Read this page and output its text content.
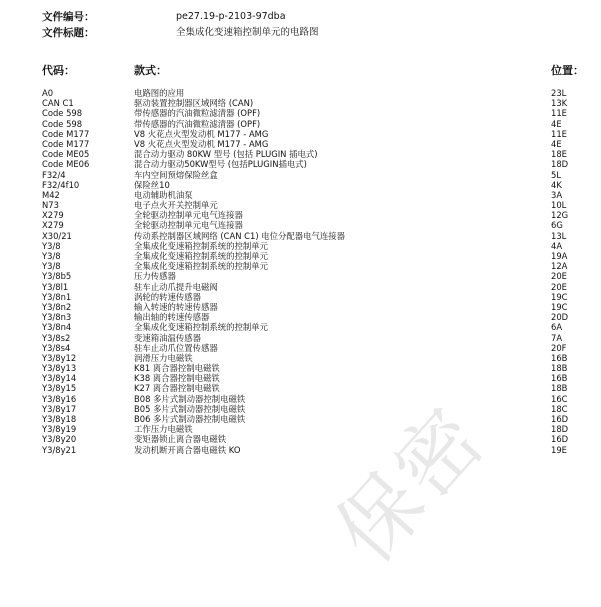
文件编号：	pe27.19-p-2103-97dba
文件标题：	全集成化变速箱控制单元的电路图
代码：	款式：	位置：
A0	电路图的应用	23L
CAN C1	驱动装置控制器区域网络 (CAN)	13K
Code 598	带传感器的汽油微粒滤清器 (OPF)	11E
Code 598	带传感器的汽油微粒滤清器 (OPF)	4E
Code M177	V8 火花点火型发动机 M177 - AMG	11E
Code M177	V8 火花点火型发动机 M177 - AMG	4E
Code ME05	混合动力驱动 80KW 型号 (包括 PLUGIN 插电式)	18E
Code ME06	混合动力驱动50KW型号 (包括PLUGIN插电式)	18D
F32/4	车内空间预熔保险丝盒	5L
F32/4f10	保险丝10	4K
M42	电动辅助机油泵	3A
N73	电子点火开关控制单元	10L
X279	全轮驱动控制单元电气连接器	12G
X279	全轮驱动控制单元电气连接器	6G
X30/21	传动系控制器区域网络 (CAN C1) 电位分配器电气连接器	13L
Y3/8	全集成化变速箱控制系统的控制单元	4A
Y3/8	全集成化变速箱控制系统的控制单元	19A
Y3/8	全集成化变速箱控制系统的控制单元	12A
Y3/8b5	压力传感器	20E
Y3/8l1	驻车止动爪提升电磁阀	20E
Y3/8n1	涡轮的转速传感器	19C
Y3/8n2	输入转速的转速传感器	19C
Y3/8n3	输出轴的转速传感器	20D
Y3/8n4	全集成化变速箱控制系统的控制单元	6A
Y3/8s2	变速箱油温传感器	7A
Y3/8s4	驻车止动爪位置传感器	20F
Y3/8y12	润滑压力电磁铁	16B
Y3/8y13	K81 离合器控制电磁铁	18B
Y3/8y14	K38 离合器控制电磁铁	16B
Y3/8y15	K27 离合器控制电磁铁	18B
Y3/8y16	B08 多片式制动器控制电磁铁	16C
Y3/8y17	B05 多片式制动器控制电磁铁	18C
Y3/8y18	B06 多片式制动器控制电磁铁	16D
Y3/8y19	工作压力电磁铁	18D
Y3/8y20	变矩器锁止离合器电磁铁	16D
Y3/8y21	发动机断开离合器电磁铁 KO	19E
保密
